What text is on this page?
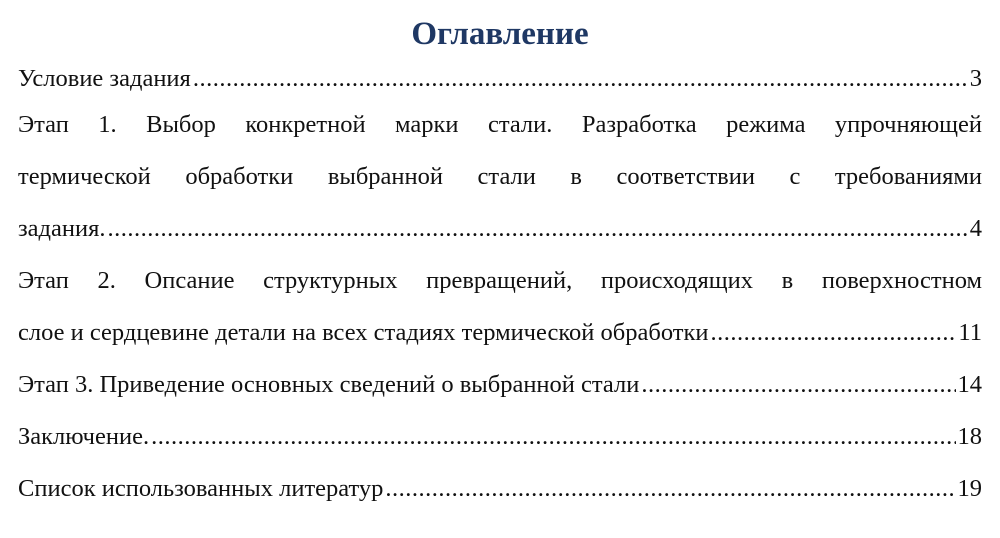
Оглавление
Условие задания .....	3
Этап 1. Выбор конкретной марки стали. Разработка режима упрочняющей
термической обработки выбранной стали в соответствии с требованиями
задания. .....	4
Этап 2. Опсание структурных превращений, происходящих в поверхностном
слое и сердцевине детали на всех стадиях термической обработки .....	11
Этап 3. Приведение основных сведений о выбранной стали .....	14
Заключение. .....	18
Список использованных литератур .....	19
